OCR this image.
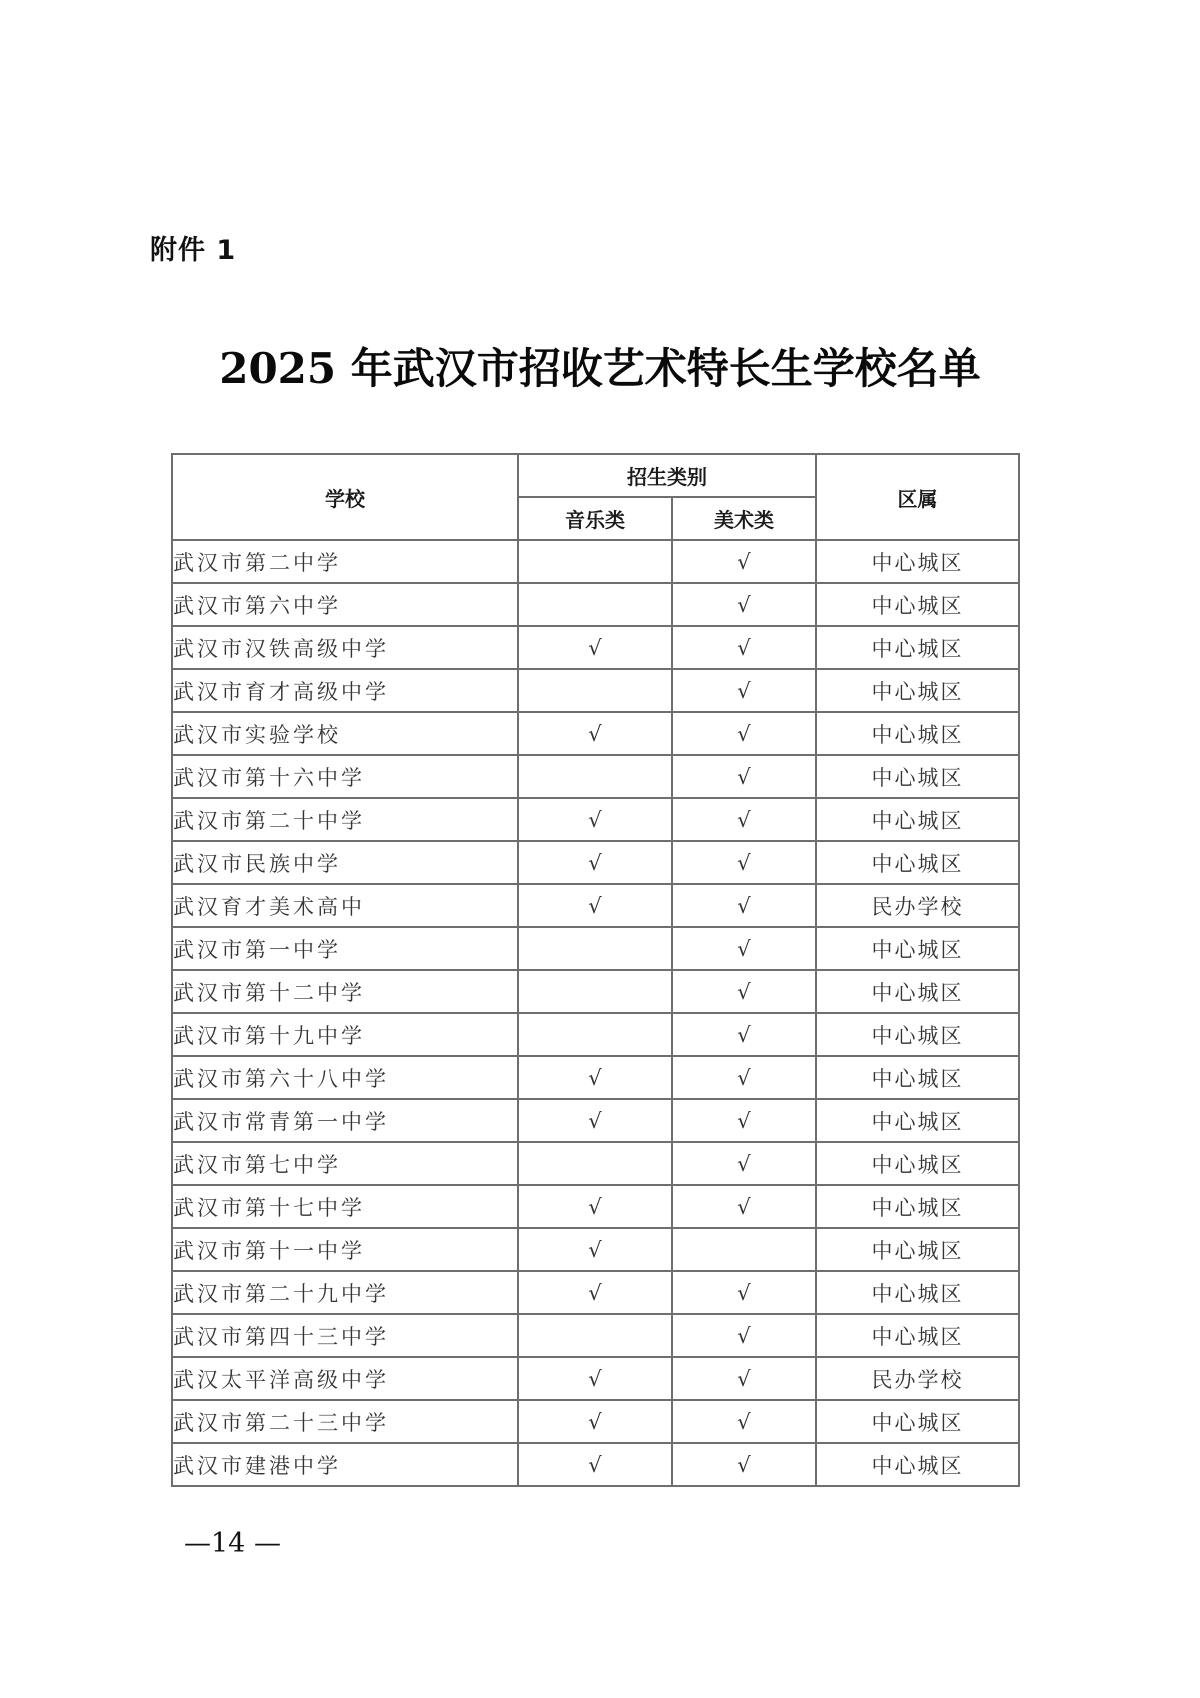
附件 1
2025 年武汉市招收艺术特长生学校名单
学校	招生类别		区属
	音乐类	美术类	
武汉市第二中学		√	中心城区
武汉市第六中学		√	中心城区
武汉市汉铁高级中学	√	√	中心城区
武汉市育才高级中学		√	中心城区
武汉市实验学校	√	√	中心城区
武汉市第十六中学		√	中心城区
武汉市第二十中学	√	√	中心城区
武汉市民族中学	√	√	中心城区
武汉育才美术高中	√	√	民办学校
武汉市第一中学		√	中心城区
武汉市第十二中学		√	中心城区
武汉市第十九中学		√	中心城区
武汉市第六十八中学	√	√	中心城区
武汉市常青第一中学	√	√	中心城区
武汉市第七中学		√	中心城区
武汉市第十七中学	√	√	中心城区
武汉市第十一中学	√		中心城区
武汉市第二十九中学	√	√	中心城区
武汉市第四十三中学		√	中心城区
武汉太平洋高级中学	√	√	民办学校
武汉市第二十三中学	√	√	中心城区
武汉市建港中学	√	√	中心城区
—14 —
